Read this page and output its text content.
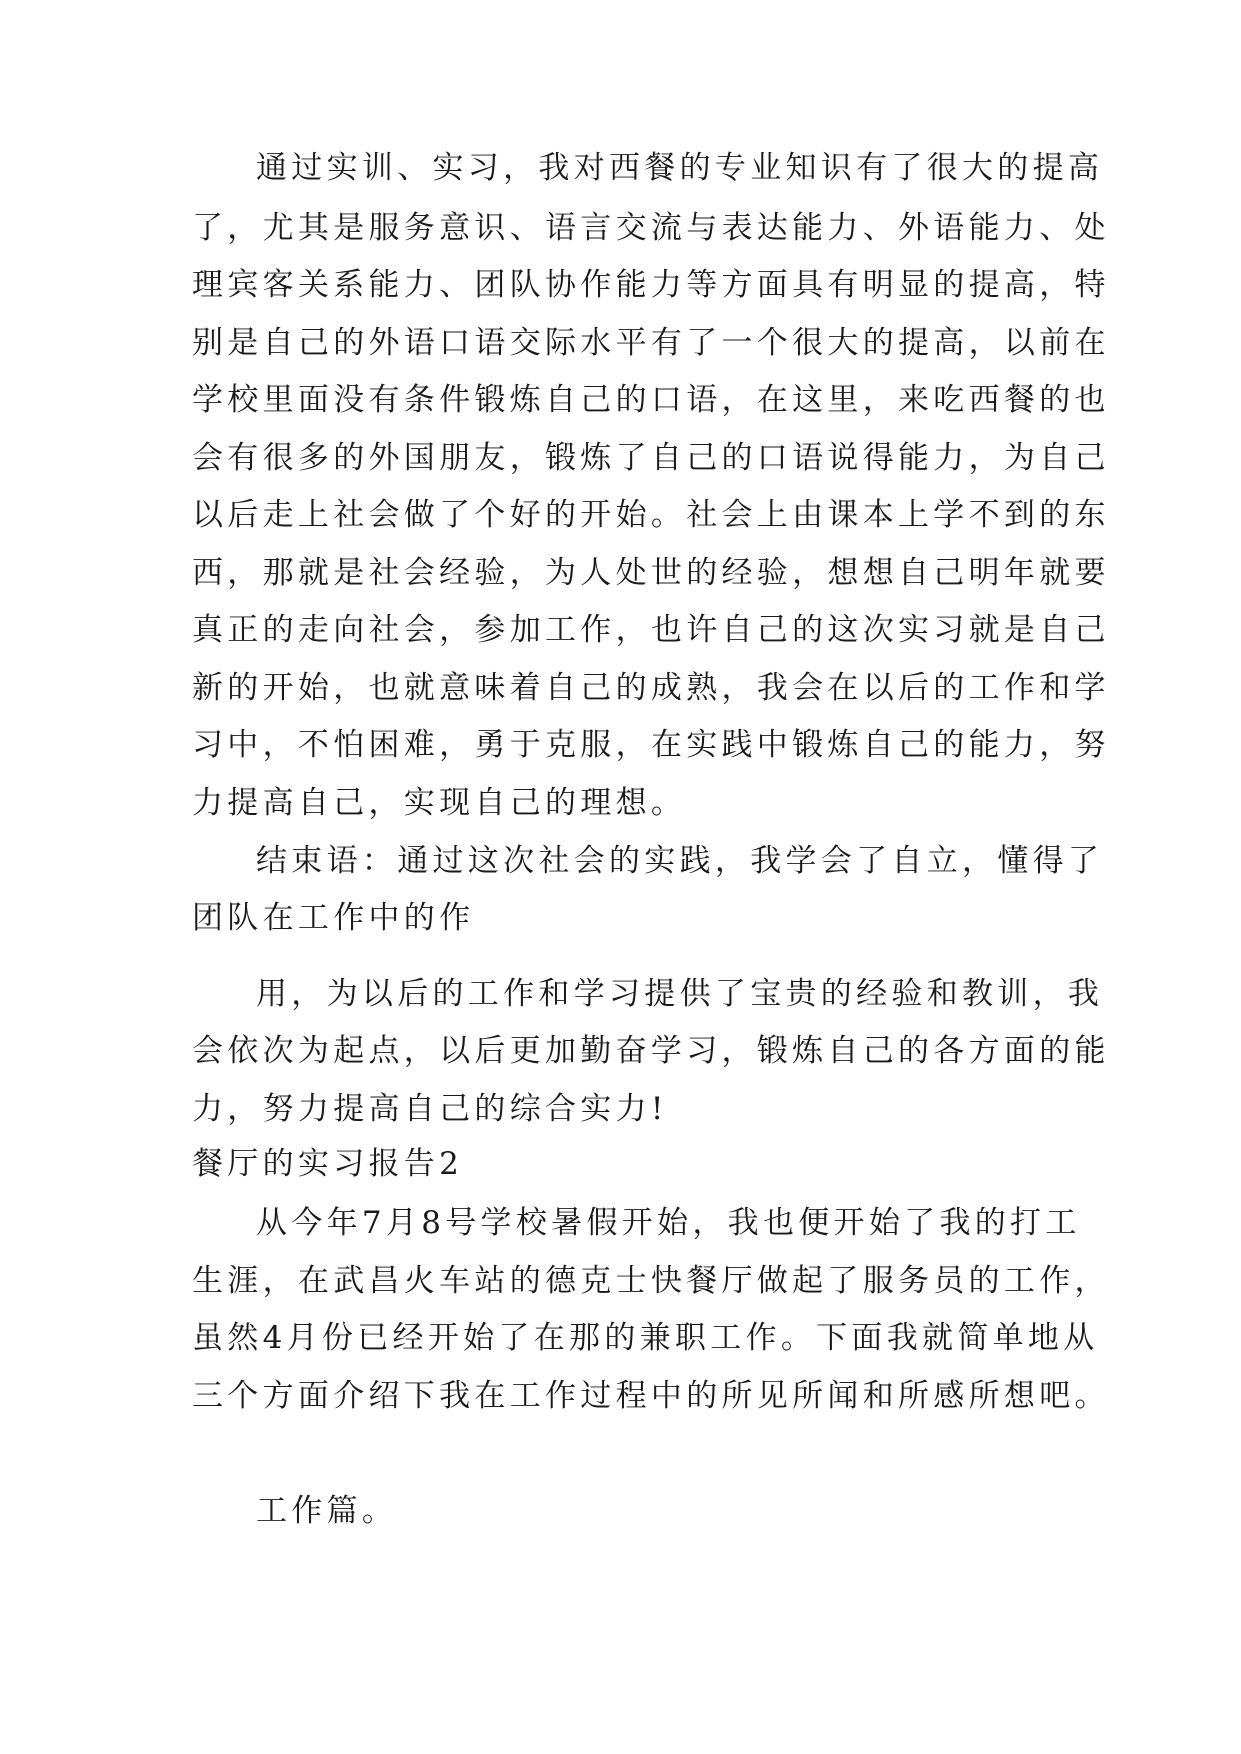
通过实训、实习，我对西餐的专业知识有了很大的提高
了，尤其是服务意识、语言交流与表达能力、外语能力、处
理宾客关系能力、团队协作能力等方面具有明显的提高，特
别是自己的外语口语交际水平有了一个很大的提高，以前在
学校里面没有条件锻炼自己的口语，在这里，来吃西餐的也
会有很多的外国朋友，锻炼了自己的口语说得能力，为自己
以后走上社会做了个好的开始。社会上由课本上学不到的东
西，那就是社会经验，为人处世的经验，想想自己明年就要
真正的走向社会，参加工作，也许自己的这次实习就是自己
新的开始，也就意味着自己的成熟，我会在以后的工作和学
习中，不怕困难，勇于克服，在实践中锻炼自己的能力，努
力提高自己，实现自己的理想。
结束语：通过这次社会的实践，我学会了自立，懂得了
团队在工作中的作
用，为以后的工作和学习提供了宝贵的经验和教训，我
会依次为起点，以后更加勤奋学习，锻炼自己的各方面的能
力，努力提高自己的综合实力!
餐厅的实习报告2
从今年7月8号学校暑假开始，我也便开始了我的打工
生涯，在武昌火车站的德克士快餐厅做起了服务员的工作，
虽然4月份已经开始了在那的兼职工作。下面我就简单地从
三个方面介绍下我在工作过程中的所见所闻和所感所想吧。
工作篇。
